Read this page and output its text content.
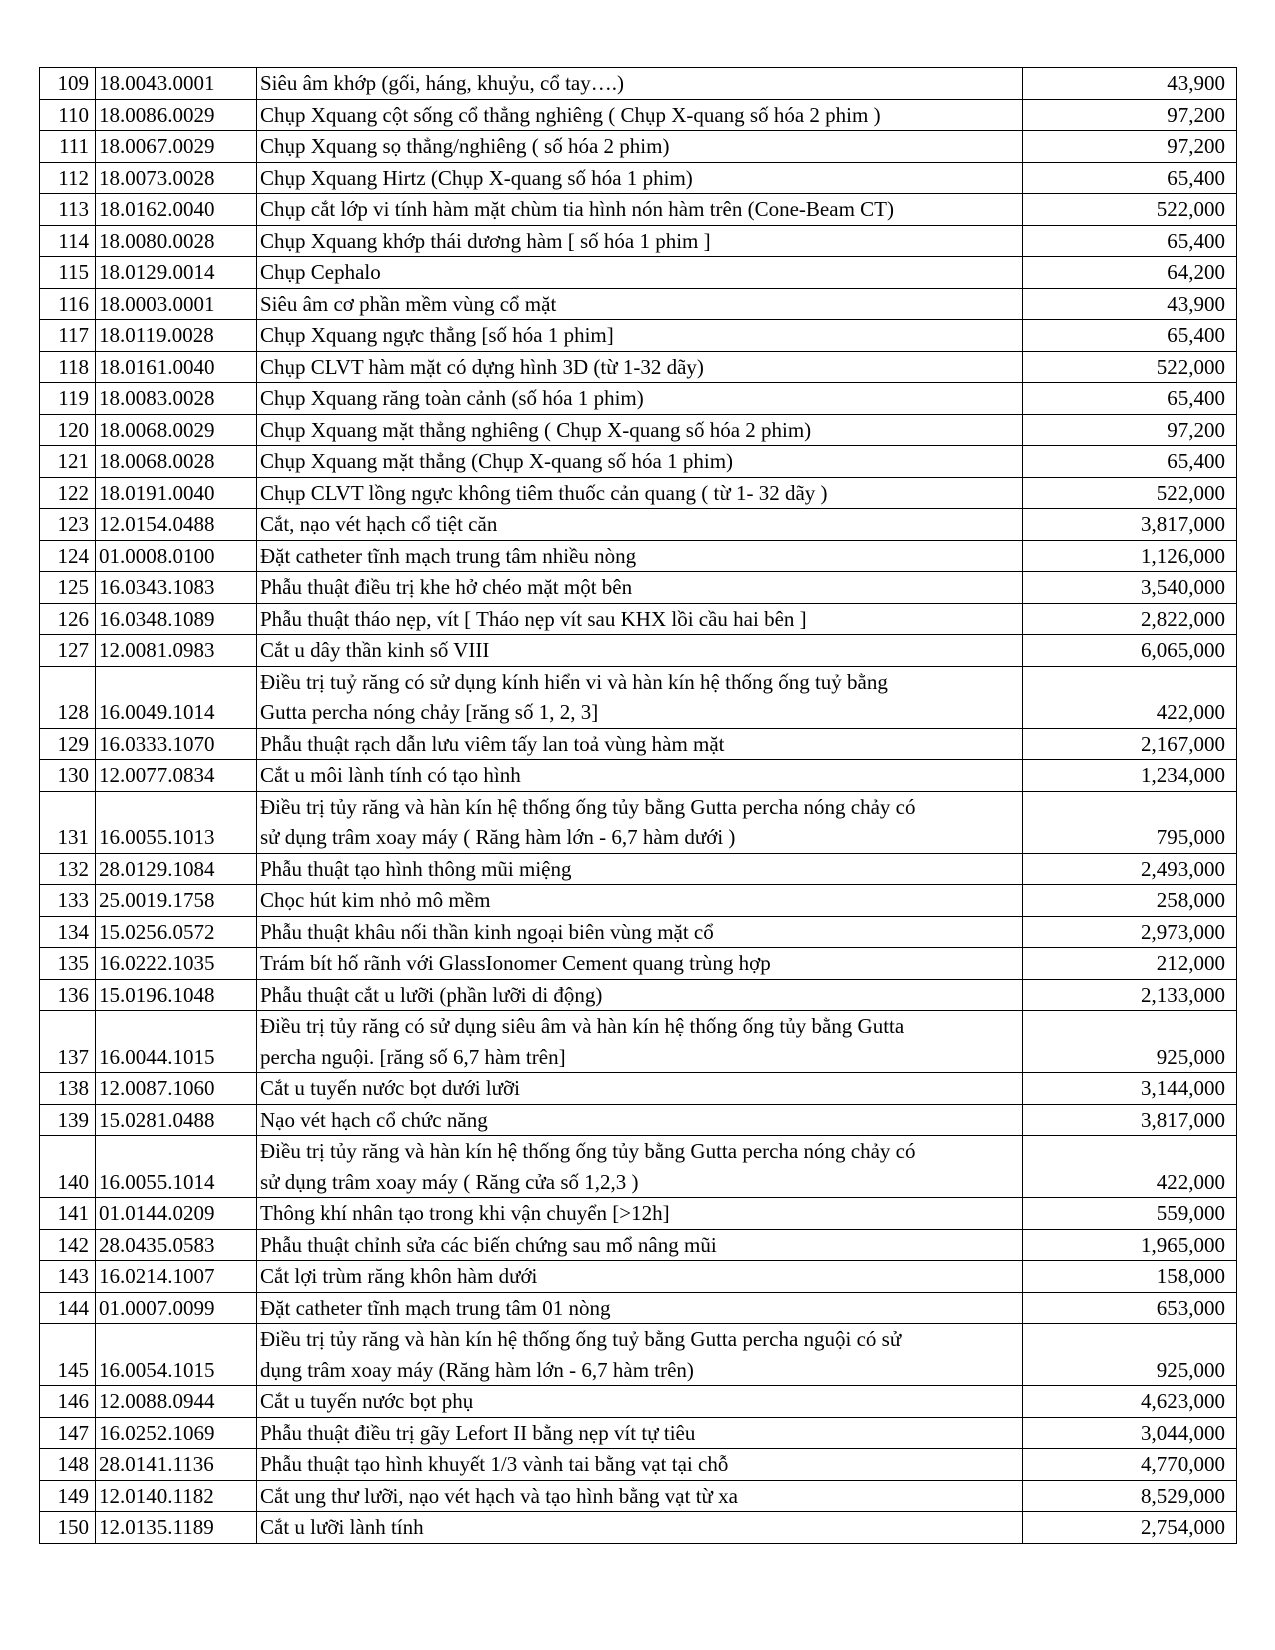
109	18.0043.0001	Siêu âm khớp (gối, háng, khuỷu, cổ tay….)	43,900
110	18.0086.0029	Chụp Xquang cột sống cổ thẳng nghiêng ( Chụp X-quang số hóa 2 phim )	97,200
111	18.0067.0029	Chụp Xquang sọ thẳng/nghiêng ( số hóa 2 phim)	97,200
112	18.0073.0028	Chụp Xquang Hirtz (Chụp X-quang số hóa 1 phim)	65,400
113	18.0162.0040	Chụp cắt lớp vi tính hàm mặt chùm tia hình nón hàm trên (Cone-Beam CT)	522,000
114	18.0080.0028	Chụp Xquang khớp thái dương hàm [ số hóa 1 phim ]	65,400
115	18.0129.0014	Chụp Cephalo	64,200
116	18.0003.0001	Siêu âm cơ phần mềm vùng cổ mặt	43,900
117	18.0119.0028	Chụp Xquang ngực thẳng [số hóa 1 phim]	65,400
118	18.0161.0040	Chụp CLVT hàm mặt có dựng hình 3D (từ 1-32 dãy)	522,000
119	18.0083.0028	Chụp Xquang răng toàn cảnh (số hóa 1 phim)	65,400
120	18.0068.0029	Chụp Xquang mặt thẳng nghiêng ( Chụp X-quang số hóa 2 phim)	97,200
121	18.0068.0028	Chụp Xquang mặt thẳng (Chụp X-quang số hóa 1 phim)	65,400
122	18.0191.0040	Chụp CLVT lồng ngực không tiêm thuốc cản quang ( từ 1- 32 dãy )	522,000
123	12.0154.0488	Cắt, nạo vét hạch cổ tiệt căn	3,817,000
124	01.0008.0100	Đặt catheter tĩnh mạch trung tâm nhiều nòng	1,126,000
125	16.0343.1083	Phẫu thuật điều trị khe hở chéo mặt một bên	3,540,000
126	16.0348.1089	Phẫu thuật tháo nẹp, vít [ Tháo nẹp vít sau KHX lồi cầu hai bên ]	2,822,000
127	12.0081.0983	Cắt u dây thần kinh số VIII	6,065,000
128	16.0049.1014	Điều trị tuỷ răng có sử dụng kính hiển vi và hàn kín hệ thống ống tuỷ bằng
Gutta percha nóng chảy [răng số 1, 2, 3]	422,000
129	16.0333.1070	Phẫu thuật rạch dẫn lưu viêm tấy lan toả vùng hàm mặt	2,167,000
130	12.0077.0834	Cắt u môi lành tính có tạo hình	1,234,000
131	16.0055.1013	Điều trị tủy răng và hàn kín hệ thống ống tủy bằng Gutta percha nóng chảy có
sử dụng trâm xoay máy ( Răng hàm lớn - 6,7 hàm dưới )	795,000
132	28.0129.1084	Phẫu thuật tạo hình thông mũi miệng	2,493,000
133	25.0019.1758	Chọc hút kim nhỏ mô mềm	258,000
134	15.0256.0572	Phẫu thuật khâu nối thần kinh ngoại biên vùng mặt cổ	2,973,000
135	16.0222.1035	Trám bít hố rãnh với GlassIonomer Cement quang trùng hợp	212,000
136	15.0196.1048	Phẫu thuật cắt u lưỡi (phần lưỡi di động)	2,133,000
137	16.0044.1015	Điều trị tủy răng có sử dụng siêu âm và hàn kín hệ thống ống tủy bằng Gutta
percha nguội. [răng số 6,7 hàm trên]	925,000
138	12.0087.1060	Cắt u tuyến nước bọt dưới lưỡi	3,144,000
139	15.0281.0488	Nạo vét hạch cổ chức năng	3,817,000
140	16.0055.1014	Điều trị tủy răng và hàn kín hệ thống ống tủy bằng Gutta percha nóng chảy có
sử dụng trâm xoay máy ( Răng cửa số 1,2,3 )	422,000
141	01.0144.0209	Thông khí nhân tạo trong khi vận chuyển [>12h]	559,000
142	28.0435.0583	Phẫu thuật chỉnh sửa các biến chứng sau mổ nâng mũi	1,965,000
143	16.0214.1007	Cắt lợi trùm răng khôn hàm dưới	158,000
144	01.0007.0099	Đặt catheter tĩnh mạch trung tâm 01 nòng	653,000
145	16.0054.1015	Điều trị tủy răng và hàn kín hệ thống ống tuỷ bằng Gutta percha nguội có sử
dụng trâm xoay máy (Răng hàm lớn - 6,7 hàm trên)	925,000
146	12.0088.0944	Cắt u tuyến nước bọt phụ	4,623,000
147	16.0252.1069	Phẫu thuật điều trị gãy Lefort II bằng nẹp vít tự tiêu	3,044,000
148	28.0141.1136	Phẫu thuật tạo hình khuyết 1/3 vành tai bằng vạt tại chỗ	4,770,000
149	12.0140.1182	Cắt ung thư lưỡi, nạo vét hạch và tạo hình bằng vạt từ xa	8,529,000
150	12.0135.1189	Cắt u lưỡi lành tính	2,754,000
